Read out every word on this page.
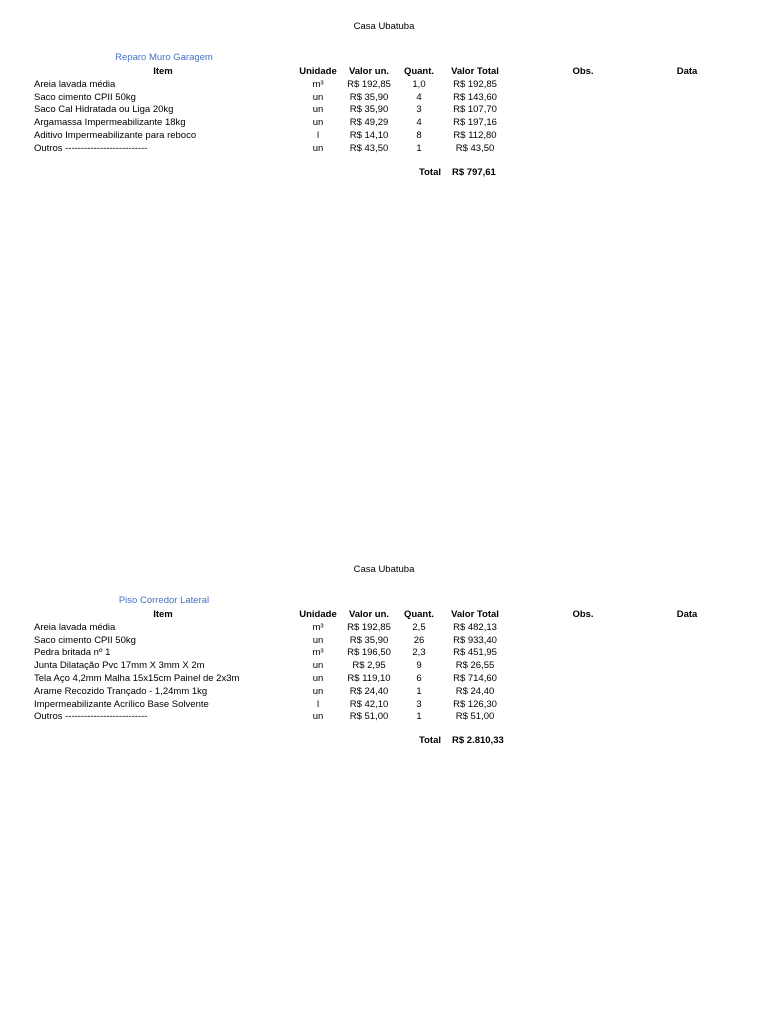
Casa Ubatuba
Reparo Muro Garagem
Item	Unidade	Valor un.	Quant.	Valor Total	Obs.	Data
Areia lavada média	m³	R$ 192,85	1,0	R$ 192,85		
Saco cimento CPII 50kg	un	R$ 35,90	4	R$ 143,60		
Saco Cal Hidratada ou Liga 20kg	un	R$ 35,90	3	R$ 107,70		
Argamassa Impermeabilizante 18kg	un	R$ 49,29	4	R$ 197,16		
Aditivo Impermeabilizante para reboco	l	R$ 14,10	8	R$ 112,80		
Outros --------------------------	un	R$ 43,50	1	R$ 43,50		
Total R$ 797,61
Casa Ubatuba
Piso Corredor Lateral
Item	Unidade	Valor un.	Quant.	Valor Total	Obs.	Data
Areia lavada média	m³	R$ 192,85	2,5	R$ 482,13		
Saco cimento CPII 50kg	un	R$ 35,90	26	R$ 933,40		
Pedra britada nº 1	m³	R$ 196,50	2,3	R$ 451,95		
Junta Dilatação Pvc 17mm X 3mm X 2m	un	R$ 2,95	9	R$ 26,55		
Tela Aço 4,2mm Malha 15x15cm Painel de 2x3m	un	R$ 119,10	6	R$ 714,60		
Arame Recozido Trançado - 1,24mm 1kg	un	R$ 24,40	1	R$ 24,40		
Impermeabilizante Acrílico Base Solvente	l	R$ 42,10	3	R$ 126,30		
Outros --------------------------	un	R$ 51,00	1	R$ 51,00		
Total R$ 2.810,33
